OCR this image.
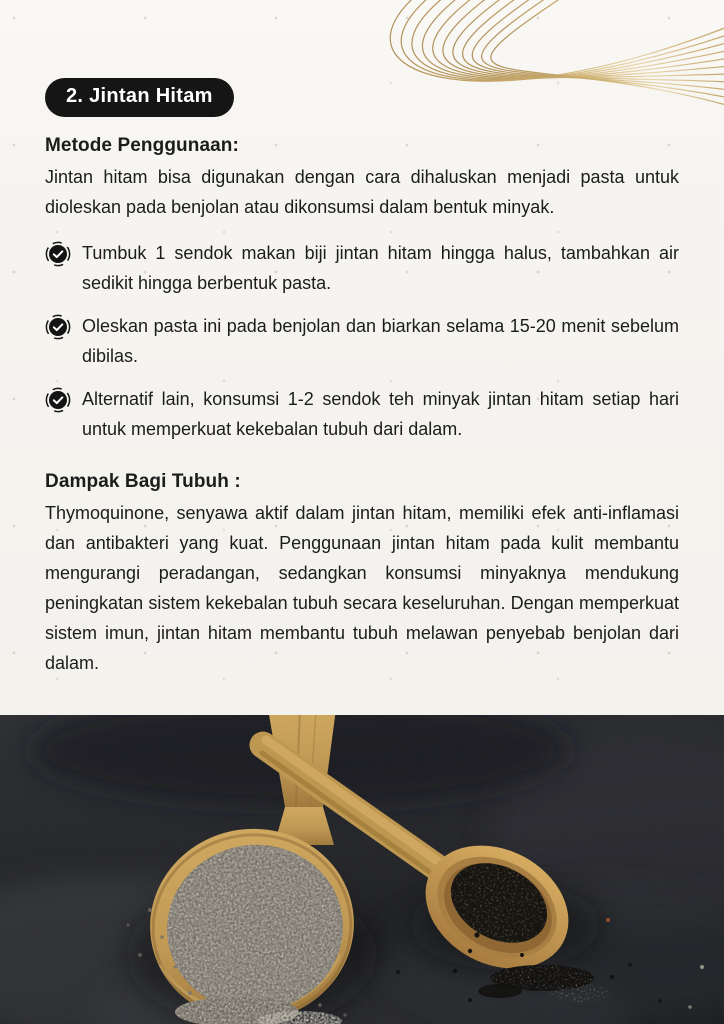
2. Jintan Hitam
Metode Penggunaan:

Jintan hitam bisa digunakan dengan cara dihaluskan menjadi pasta untuk dioleskan pada benjolan atau dikonsumsi dalam bentuk minyak.

Tumbuk 1 sendok makan biji jintan hitam hingga halus, tambahkan air sedikit hingga berbentuk pasta.
Oleskan pasta ini pada benjolan dan biarkan selama 15-20 menit sebelum dibilas.
Alternatif lain, konsumsi 1-2 sendok teh minyak jintan hitam setiap hari untuk memperkuat kekebalan tubuh dari dalam.
Dampak Bagi Tubuh :

Thymoquinone, senyawa aktif dalam jintan hitam, memiliki efek anti-inflamasi dan antibakteri yang kuat. Penggunaan jintan hitam pada kulit membantu mengurangi peradangan, sedangkan konsumsi minyaknya mendukung peningkatan sistem kekebalan tubuh secara keseluruhan. Dengan memperkuat sistem imun, jintan hitam membantu tubuh melawan penyebab benjolan dari dalam.
